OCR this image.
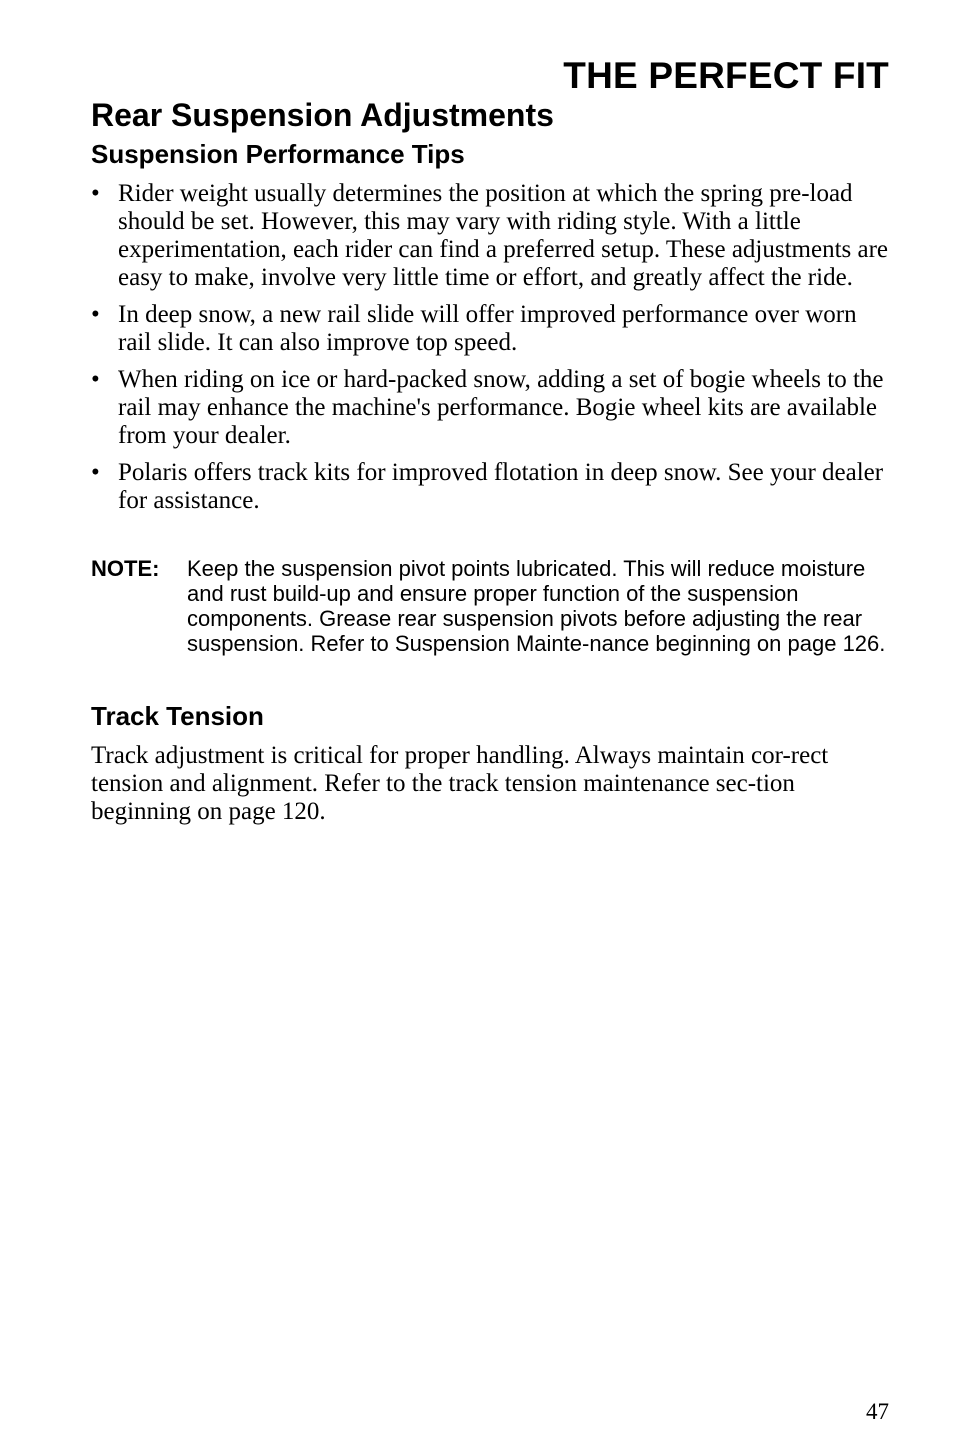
THE PERFECT FIT
Rear Suspension Adjustments
Suspension Performance Tips
• Rider weight usually determines the position at which the spring pre-load should be set. However, this may vary with riding style. With a little experimentation, each rider can find a preferred setup. These adjustments are easy to make, involve very little time or effort, and greatly affect the ride.
• In deep snow, a new rail slide will offer improved performance over worn rail slide. It can also improve top speed.
• When riding on ice or hard-packed snow, adding a set of bogie wheels to the rail may enhance the machine's performance. Bogie wheel kits are available from your dealer.
• Polaris offers track kits for improved flotation in deep snow. See your dealer for assistance.
NOTE: Keep the suspension pivot points lubricated. This will reduce moisture and rust build-up and ensure proper function of the suspension components. Grease rear suspension pivots before adjusting the rear suspension. Refer to Suspension Mainte-nance beginning on page 126.
Track Tension

Track adjustment is critical for proper handling. Always maintain cor-rect tension and alignment. Refer to the track tension maintenance sec-tion beginning on page 120.

47
